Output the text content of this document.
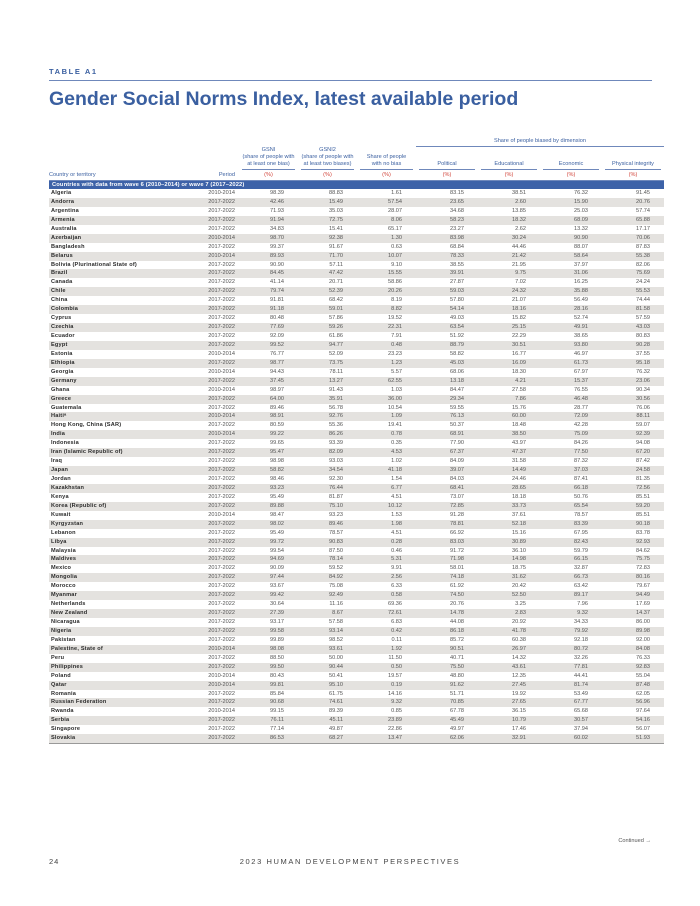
TABLE A1
Gender Social Norms Index, latest available period
					Share of people biased by dimension			

		GSNI
(share of people with
at least one bias)	GSNI2
(share of people with
at least two biases)	Share of people
with no bias	Political	Educational	Economic	Physical integrity

Country or territory	Period	(%)	(%)	(%)	(%)	(%)	(%)	(%)
Countries with data from wave 6 (2010–2014) or wave 7 (2017–2022)								
Algeria	2010-2014	98.39	88.83	1.61	83.15	38.51	76.32	91.45
Andorra	2017-2022	42.46	15.49	57.54	23.65	2.60	15.90	20.76
Argentina	2017-2022	71.93	35.03	28.07	34.68	13.85	25.03	57.74
Armenia	2017-2022	91.94	72.75	8.06	58.23	18.32	68.09	65.88
Australia	2017-2022	34.83	15.41	65.17	23.27	2.62	13.32	17.17
Azerbaijan	2010-2014	98.70	92.38	1.30	83.98	30.24	90.90	70.06
Bangladesh	2017-2022	99.37	91.67	0.63	68.84	44.46	88.07	87.83
Belarus	2010-2014	89.93	71.70	10.07	78.33	21.42	58.64	55.38
Bolivia (Plurinational State of)	2017-2022	90.90	57.11	9.10	38.55	21.95	37.97	82.06
Brazil	2017-2022	84.45	47.42	15.55	39.91	9.75	31.06	75.69
Canada	2017-2022	41.14	20.71	58.86	27.87	7.02	16.25	24.24
Chile	2017-2022	79.74	52.39	20.26	59.03	24.32	35.88	55.53
China	2017-2022	91.81	68.42	8.19	57.80	21.07	56.49	74.44
Colombia	2017-2022	91.18	59.01	8.82	54.14	18.16	28.16	81.58
Cyprus	2017-2022	80.48	57.86	19.52	49.03	15.82	52.74	57.59
Czechia	2017-2022	77.69	59.26	22.31	63.54	25.15	49.91	43.03
Ecuador	2017-2022	92.09	61.86	7.91	51.92	22.29	38.65	80.83
Egypt	2017-2022	99.52	94.77	0.48	88.79	30.51	93.80	90.28
Estonia	2010-2014	76.77	52.09	23.23	58.82	16.77	46.97	37.55
Ethiopia	2017-2022	98.77	73.75	1.23	45.03	16.09	61.73	95.18
Georgia	2010-2014	94.43	78.11	5.57	68.06	18.30	67.97	76.32
Germany	2017-2022	37.45	13.27	62.55	13.18	4.21	15.37	23.06
Ghana	2010-2014	98.97	91.43	1.03	84.47	27.58	76.55	90.34
Greece	2017-2022	64.00	35.91	36.00	29.34	7.86	46.48	30.56
Guatemala	2017-2022	89.46	56.78	10.54	59.55	15.76	28.77	76.06
Haitiᵃ	2010-2014	98.91	92.76	1.09	76.13	60.00	72.09	88.11
Hong Kong, China (SAR)	2017-2022	80.59	55.36	19.41	50.37	18.48	42.28	59.07
India	2010-2014	99.22	86.26	0.78	68.91	38.50	75.09	92.39
Indonesia	2017-2022	99.65	93.39	0.35	77.90	43.97	84.26	94.08
Iran (Islamic Republic of)	2017-2022	95.47	82.09	4.53	67.37	47.37	77.50	67.20
Iraq	2017-2022	98.98	93.03	1.02	84.09	31.58	87.32	87.42
Japan	2017-2022	58.82	34.54	41.18	39.07	14.49	37.03	24.58
Jordan	2017-2022	98.46	92.30	1.54	84.03	24.46	87.41	81.35
Kazakhstan	2017-2022	93.23	76.44	6.77	68.41	28.65	66.18	72.56
Kenya	2017-2022	95.49	81.87	4.51	73.07	18.18	50.76	85.51
Korea (Republic of)	2017-2022	89.88	75.10	10.12	72.85	33.73	65.54	59.20
Kuwait	2010-2014	98.47	93.23	1.53	91.28	37.61	78.57	85.51
Kyrgyzstan	2017-2022	98.02	89.46	1.98	78.81	52.18	83.39	90.18
Lebanon	2017-2022	95.49	78.57	4.51	66.92	15.16	67.95	83.78
Libya	2017-2022	99.72	90.83	0.28	83.03	30.89	82.43	92.93
Malaysia	2017-2022	99.54	87.50	0.46	91.72	36.10	59.79	84.62
Maldives	2017-2022	94.69	78.14	5.31	71.98	14.98	66.15	75.75
Mexico	2017-2022	90.09	59.52	9.91	58.01	18.75	32.87	72.83
Mongolia	2017-2022	97.44	84.92	2.56	74.18	31.62	66.73	80.16
Morocco	2017-2022	93.67	75.08	6.33	61.92	20.42	63.42	79.67
Myanmar	2017-2022	99.42	92.49	0.58	74.50	52.50	89.17	94.49
Netherlands	2017-2022	30.64	11.16	69.36	20.76	3.25	7.96	17.69
New Zealand	2017-2022	27.39	8.67	72.61	14.78	2.83	9.32	14.37
Nicaragua	2017-2022	93.17	57.58	6.83	44.08	20.92	34.33	86.00
Nigeria	2017-2022	99.58	93.14	0.42	86.18	41.78	79.92	89.98
Pakistan	2017-2022	99.89	98.52	0.11	85.72	60.38	92.18	92.00
Palestine, State of	2010-2014	98.08	93.61	1.92	90.51	26.97	80.72	84.08
Peru	2017-2022	88.50	50.00	11.50	40.71	14.32	32.26	76.33
Philippines	2017-2022	99.50	90.44	0.50	75.50	43.61	77.81	92.83
Poland	2010-2014	80.43	50.41	19.57	48.80	12.35	44.41	55.04
Qatar	2010-2014	99.81	95.10	0.19	91.62	27.45	81.74	87.48
Romania	2017-2022	85.84	61.75	14.16	51.71	19.92	53.49	62.05
Russian Federation	2017-2022	90.68	74.61	9.32	70.85	27.65	67.77	56.96
Rwanda	2010-2014	99.15	89.39	0.85	67.78	36.15	65.68	97.64
Serbia	2017-2022	76.11	45.11	23.89	45.49	10.79	30.57	54.16
Singapore	2017-2022	77.14	49.87	22.86	49.97	17.46	37.94	56.07
Slovakia	2017-2022	86.53	68.27	13.47	62.06	32.91	60.02	51.93
Continued →
24	2023 HUMAN DEVELOPMENT PERSPECTIVES
